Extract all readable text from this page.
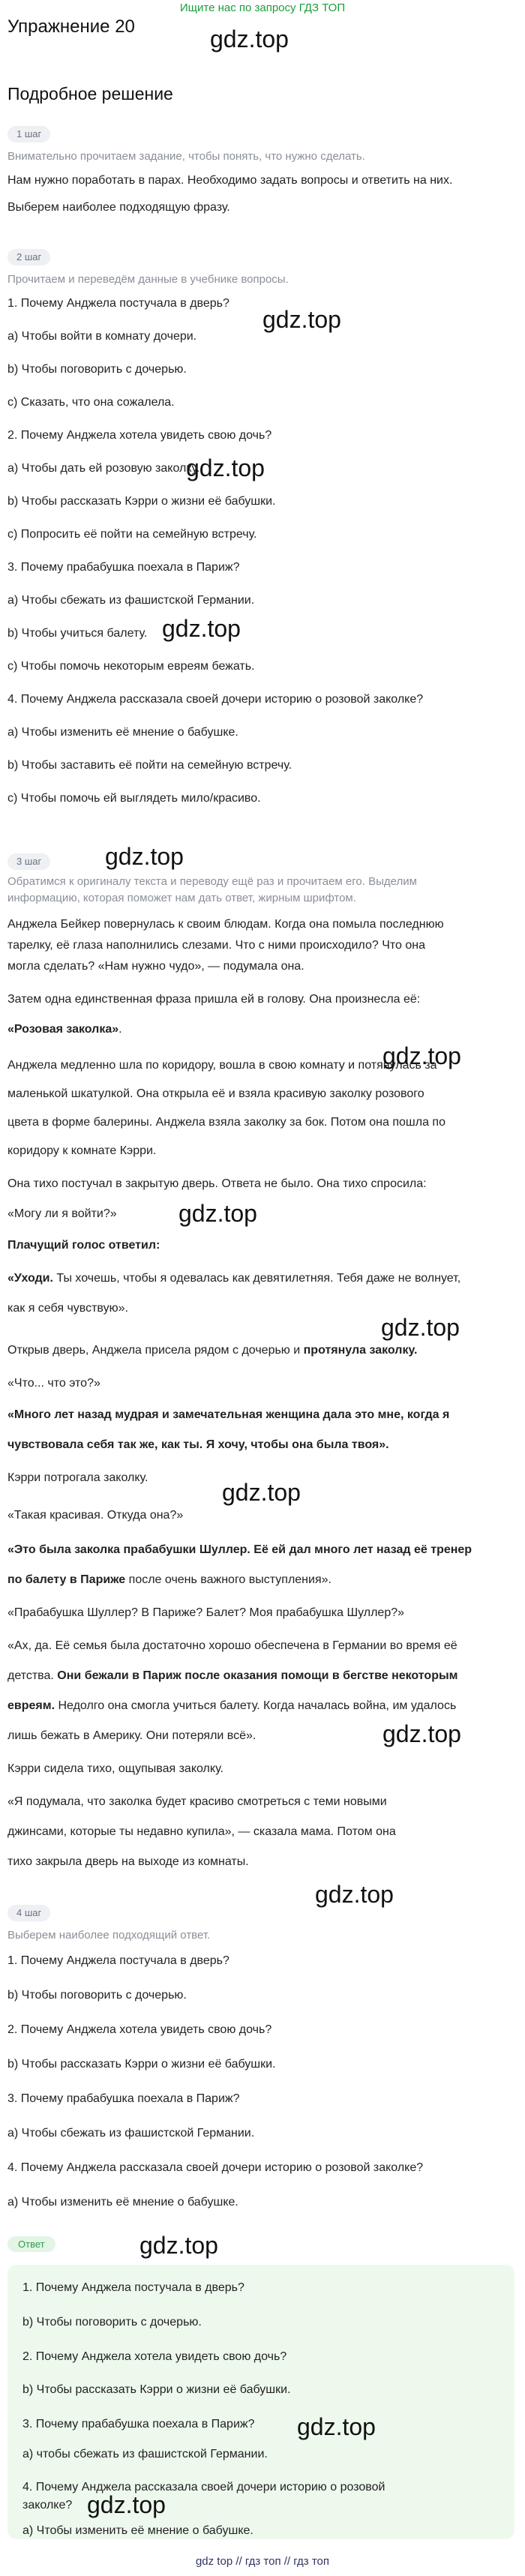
Ищите нас по запросу ГДЗ ТОП
Упражнение 20	gdz.top
Подробное решение
1 шаг
Внимательно прочитаем задание, чтобы понять, что нужно сделать.

Нам нужно поработать в парах. Необходимо задать вопросы и ответить на них.

Выберем наиболее подходящую фразу.

2 шаг
Прочитаем и переведём данные в учебнике вопросы.

1. Почему Анджела постучала в дверь?

gdz.top

a) Чтобы войти в комнату дочери.

b) Чтобы поговорить с дочерью.

c) Сказать, что она сожалела.

2. Почему Анджела хотела увидеть свою дочь?

gdz.top

a) Чтобы дать ей розовую заколку.

b) Чтобы рассказать Кэрри о жизни её бабушки.

c) Попросить её пойти на семейную встречу.

3. Почему прабабушка поехала в Париж?

a) Чтобы сбежать из фашистской Германии.

gdz.top

b) Чтобы учиться балету.

c) Чтобы помочь некоторым евреям бежать.

4. Почему Анджела рассказала своей дочери историю о розовой заколке?

a) Чтобы изменить её мнение о бабушке.

b) Чтобы заставить её пойти на семейную встречу.

c) Чтобы помочь ей выглядеть мило/красиво.

gdz.top
3 шаг

Обратимся к оригиналу текста и переводу ещё раз и прочитаем его. Выделим

информацию, которая поможет нам дать ответ, жирным шрифтом.

Анджела Бейкер повернулась к своим блюдам. Когда она помыла последнюю

тарелку, её глаза наполнились слезами. Что с ними происходило? Что она

могла сделать? «Нам нужно чудо», — подумала она.

Затем одна единственная фраза пришла ей в голову. Она произнесла её:

«Розовая заколка».

gdz.top

Анджела медленно шла по коридору, вошла в свою комнату и потянулась за

маленькой шкатулкой. Она открыла её и взяла красивую заколку розового

цвета в форме балерины. Анджела взяла заколку за бок. Потом она пошла по

коридору к комнате Кэрри.

Она тихо постучал в закрытую дверь. Ответа не было. Она тихо спросила:

«Могу ли я войти?»	gdz.top

Плачущий голос ответил:

«Уходи. Ты хочешь, чтобы я одевалась как девятилетняя. Тебя даже не волнует,

как я себя чувствую».

gdz.top

Открыв дверь, Анджела присела рядом с дочерью и протянула заколку.

«Что... что это?»

«Много лет назад мудрая и замечательная женщина дала это мне, когда я

чувствовала себя так же, как ты. Я хочу, чтобы она была твоя».

Кэрри потрогала заколку.

gdz.top

«Такая красивая. Откуда она?»

«Это была заколка прабабушки Шуллер. Её ей дал много лет назад её тренер

по балету в Париже после очень важного выступления».

«Прабабушка Шуллер? В Париже? Балет? Моя прабабушка Шуллер?»

«Ах, да. Её семья была достаточно хорошо обеспечена в Германии во время её

детства. Они бежали в Париж после оказания помощи в бегстве некоторым

евреям. Недолго она смогла учиться балету. Когда началась война, им удалось

лишь бежать в Америку. Они потеряли всё».	gdz.top

Кэрри сидела тихо, ощупывая заколку.

«Я подумала, что заколка будет красиво смотреться с теми новыми

джинсами, которые ты недавно купила», — сказала мама. Потом она

тихо закрыла дверь на выходе из комнаты.

gdz.top
4 шаг
Выберем наиболее подходящий ответ.

1. Почему Анджела постучала в дверь?

b) Чтобы поговорить с дочерью.

2. Почему Анджела хотела увидеть свою дочь?

b) Чтобы рассказать Кэрри о жизни её бабушки.

3. Почему прабабушка поехала в Париж?

a) Чтобы сбежать из фашистской Германии.

4. Почему Анджела рассказала своей дочери историю о розовой заколке?

a) Чтобы изменить её мнение о бабушке.

Ответ	gdz.top

1. Почему Анджела постучала в дверь?

b) Чтобы поговорить с дочерью.

2. Почему Анджела хотела увидеть свою дочь?

b) Чтобы рассказать Кэрри о жизни её бабушки.

3. Почему прабабушка поехала в Париж?	gdz.top

a) чтобы сбежать из фашистской Германии.

4. Почему Анджела рассказала своей дочери историю о розовой

заколке? gdz.top

a) Чтобы изменить её мнение о бабушке.

gdz top // гдз топ // гдз топ
